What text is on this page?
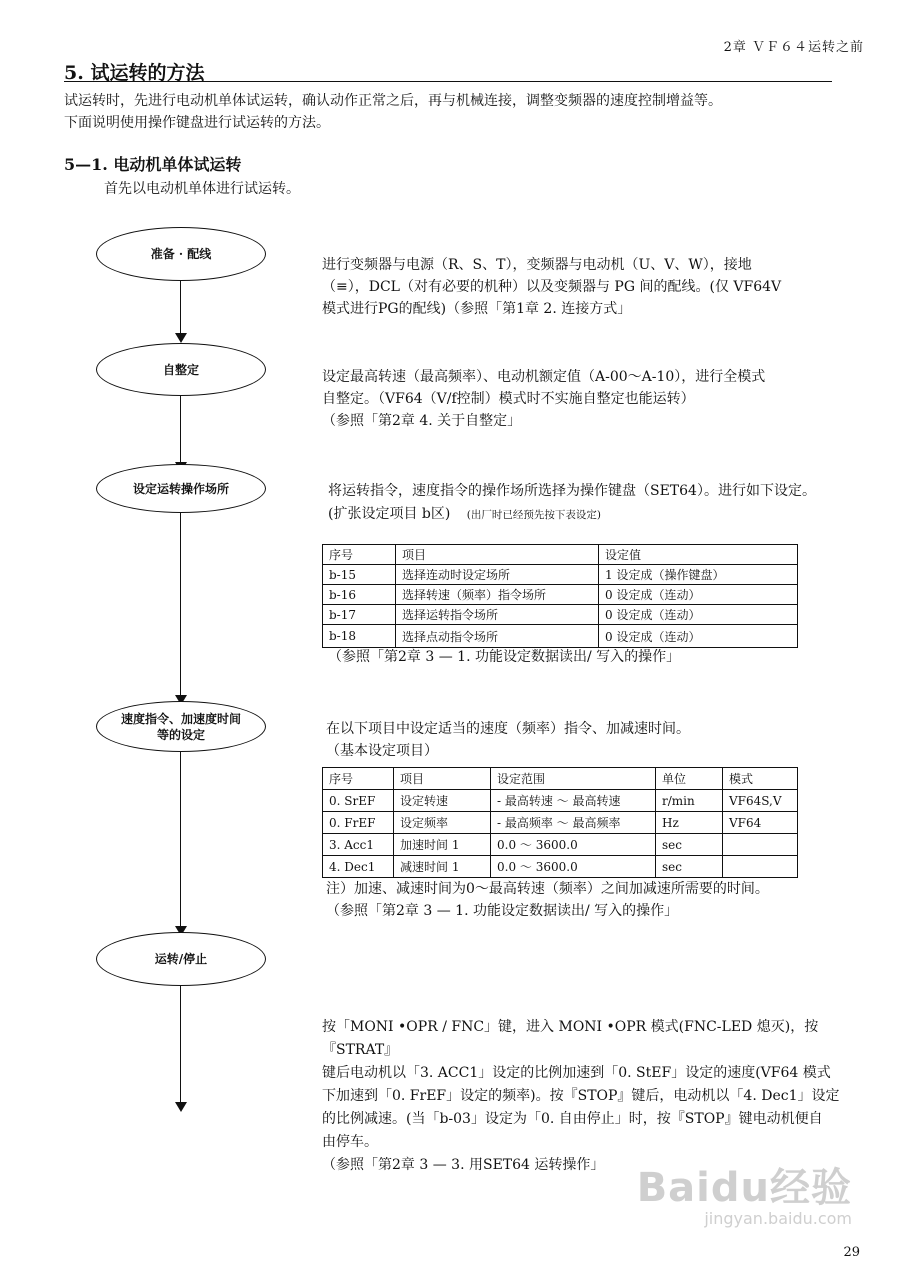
2章 ＶＦ６４运转之前
5. 试运转的方法
试运转时，先进行电动机单体试运转，确认动作正常之后，再与机械连接，调整变频器的速度控制增益等。
下面说明使用操作键盘进行试运转的方法。
5—1. 电动机单体试运转
首先以电动机单体进行试运转。
准备 · 配线
自整定
设定运转操作场所
速度指令、加速度时间
等的设定
运转/停止
进行变频器与电源（R、S、T），变频器与电动机（U、V、W），接地
（≡），DCL（对有必要的机种）以及变频器与 PG 间的配线。(仅 VF64V
模式进行PG的配线)（参照「第1章 2. 连接方式」
设定最高转速（最高频率）、电动机额定值（A-00～A-10），进行全模式
自整定。（VF64（V/f控制）模式时不实施自整定也能运转）
（参照「第2章 4. 关于自整定」
将运转指令，速度指令的操作场所选择为操作键盘（SET64）。进行如下设定。
(扩张设定项目 b区) (出厂时已经预先按下表设定)
序号	项目	设定值
b-15	选择连动时设定场所	1 设定成（操作键盘）
b-16	选择转速（频率）指令场所	0 设定成（连动）
b-17	选择运转指令场所	0 设定成（连动）
b-18	选择点动指令场所	0 设定成（连动）
（参照「第2章 3 — 1. 功能设定数据读出/ 写入的操作」
在以下项目中设定适当的速度（频率）指令、加减速时间。
（基本设定项目）
序号	项目	设定范围	单位	模式
0. SrEF	设定转速	- 最高转速 ～ 最高转速	r/min	VF64S,V
0. FrEF	设定频率	- 最高频率 ～ 最高频率	Hz	VF64
3. Acc1	加速时间 1	0.0 ～ 3600.0	sec	
4. Dec1	减速时间 1	0.0 ～ 3600.0	sec	
注）加速、减速时间为0～最高转速（频率）之间加减速所需要的时间。
（参照「第2章 3 — 1. 功能设定数据读出/ 写入的操作」
按「MONI •OPR / FNC」键，进入 MONI •OPR 模式(FNC-LED 熄灭)，按『STRAT』
键后电动机以「3. ACC1」设定的比例加速到「0. StEF」设定的速度(VF64 模式
下加速到「0. FrEF」设定的频率)。按『STOP』键后，电动机以「4. Dec1」设定
的比例减速。(当「b-03」设定为「0. 自由停止」时，按『STOP』键电动机便自
由停车。
（参照「第2章 3 — 3. 用SET64 运转操作」 Baidu经验
jingyan.baidu.com
29
